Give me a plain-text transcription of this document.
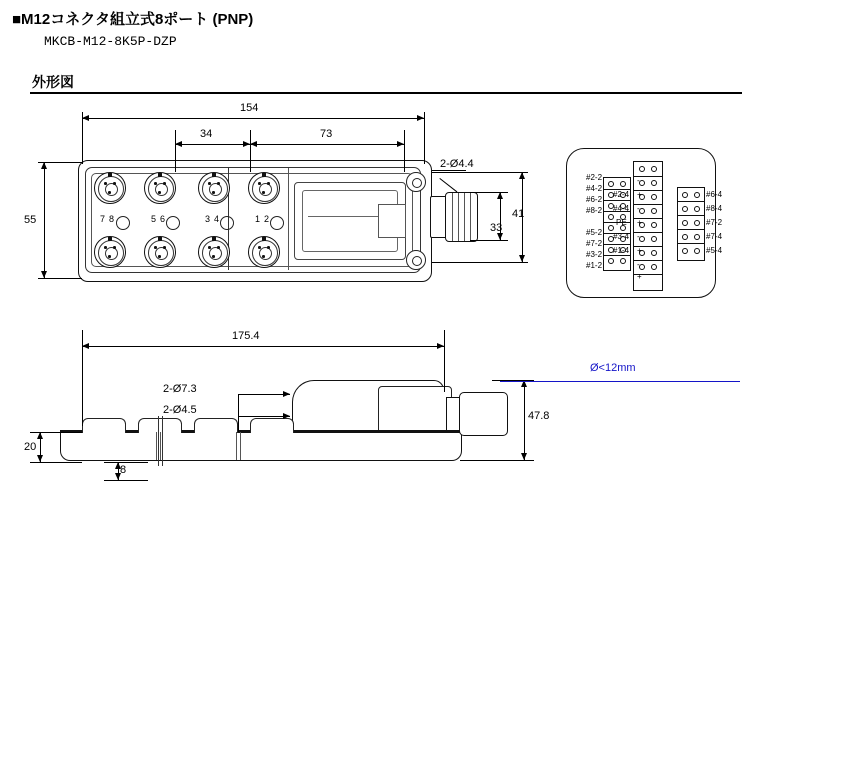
■M12コネクタ組立式8ポート (PNP)
MKCB-M12-8K5P-DZP
外形図
7 8	5 6	3 4	1 2
154
34	73
2-Ø4.4
55
33
41
#2-2
#4-2
#6-2
#8-2
#5-2
#7-2
#3-2
#1-2
-
+
-
+
-
+
-
+
#2-4
#4-4
PE
#3-4
#1-4
#6-4
#8-4
#7-2
#7-4
#5-4
175.4
2-Ø7.3
2-Ø4.5
20
8
47.8
Ø<12mm
